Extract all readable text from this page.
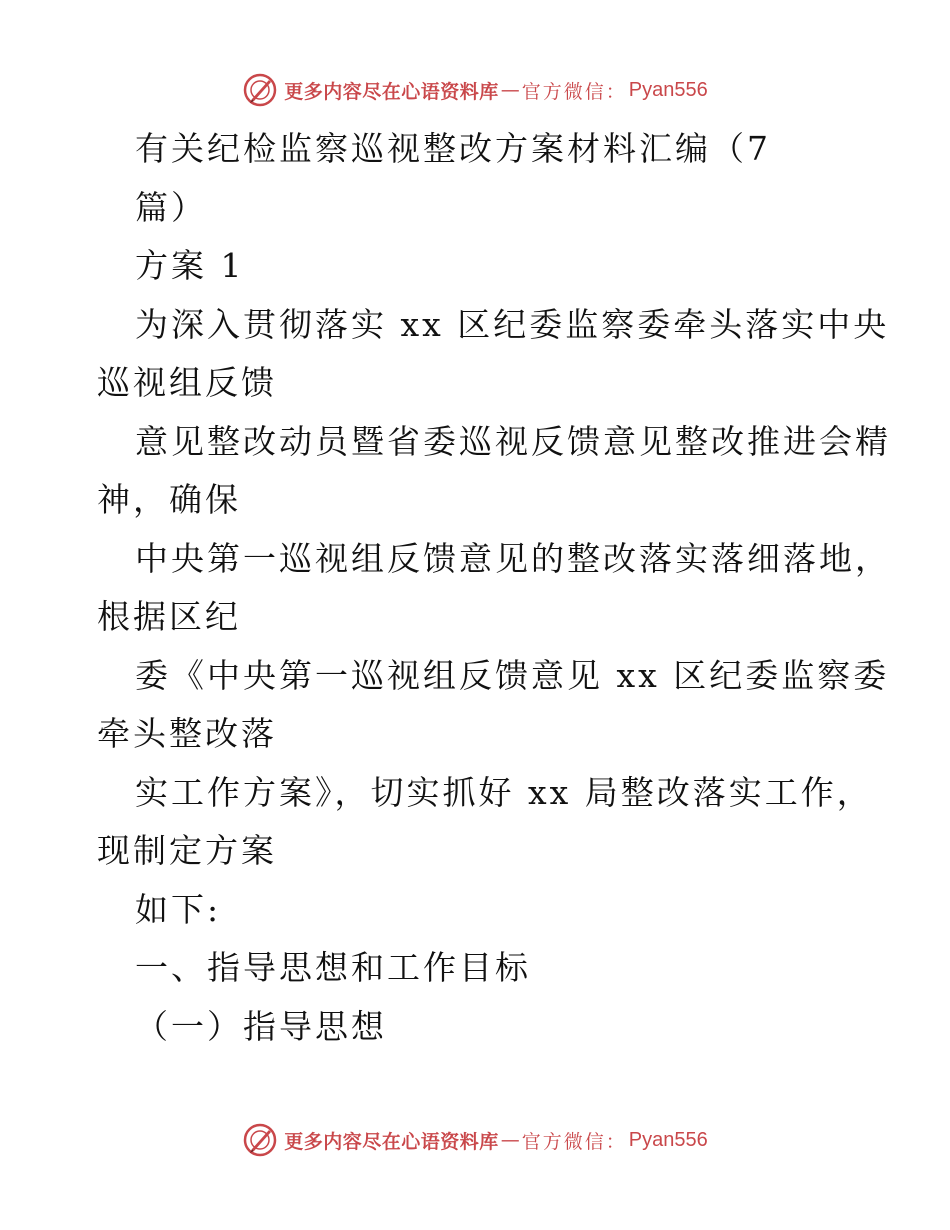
更多内容尽在心语资料库 — 官方微信： Pyan556
有关纪检监察巡视整改方案材料汇编（7
篇）
方案 1
为深入贯彻落实 xx 区纪委监察委牵头落实中央
巡视组反馈
意见整改动员暨省委巡视反馈意见整改推进会精
神，确保
中央第一巡视组反馈意见的整改落实落细落地，
根据区纪
委《中央第一巡视组反馈意见 xx 区纪委监察委
牵头整改落
实工作方案》，切实抓好 xx 局整改落实工作，
现制定方案
如下:
一、指导思想和工作目标
（一）指导思想
更多内容尽在心语资料库 — 官方微信： Pyan556
